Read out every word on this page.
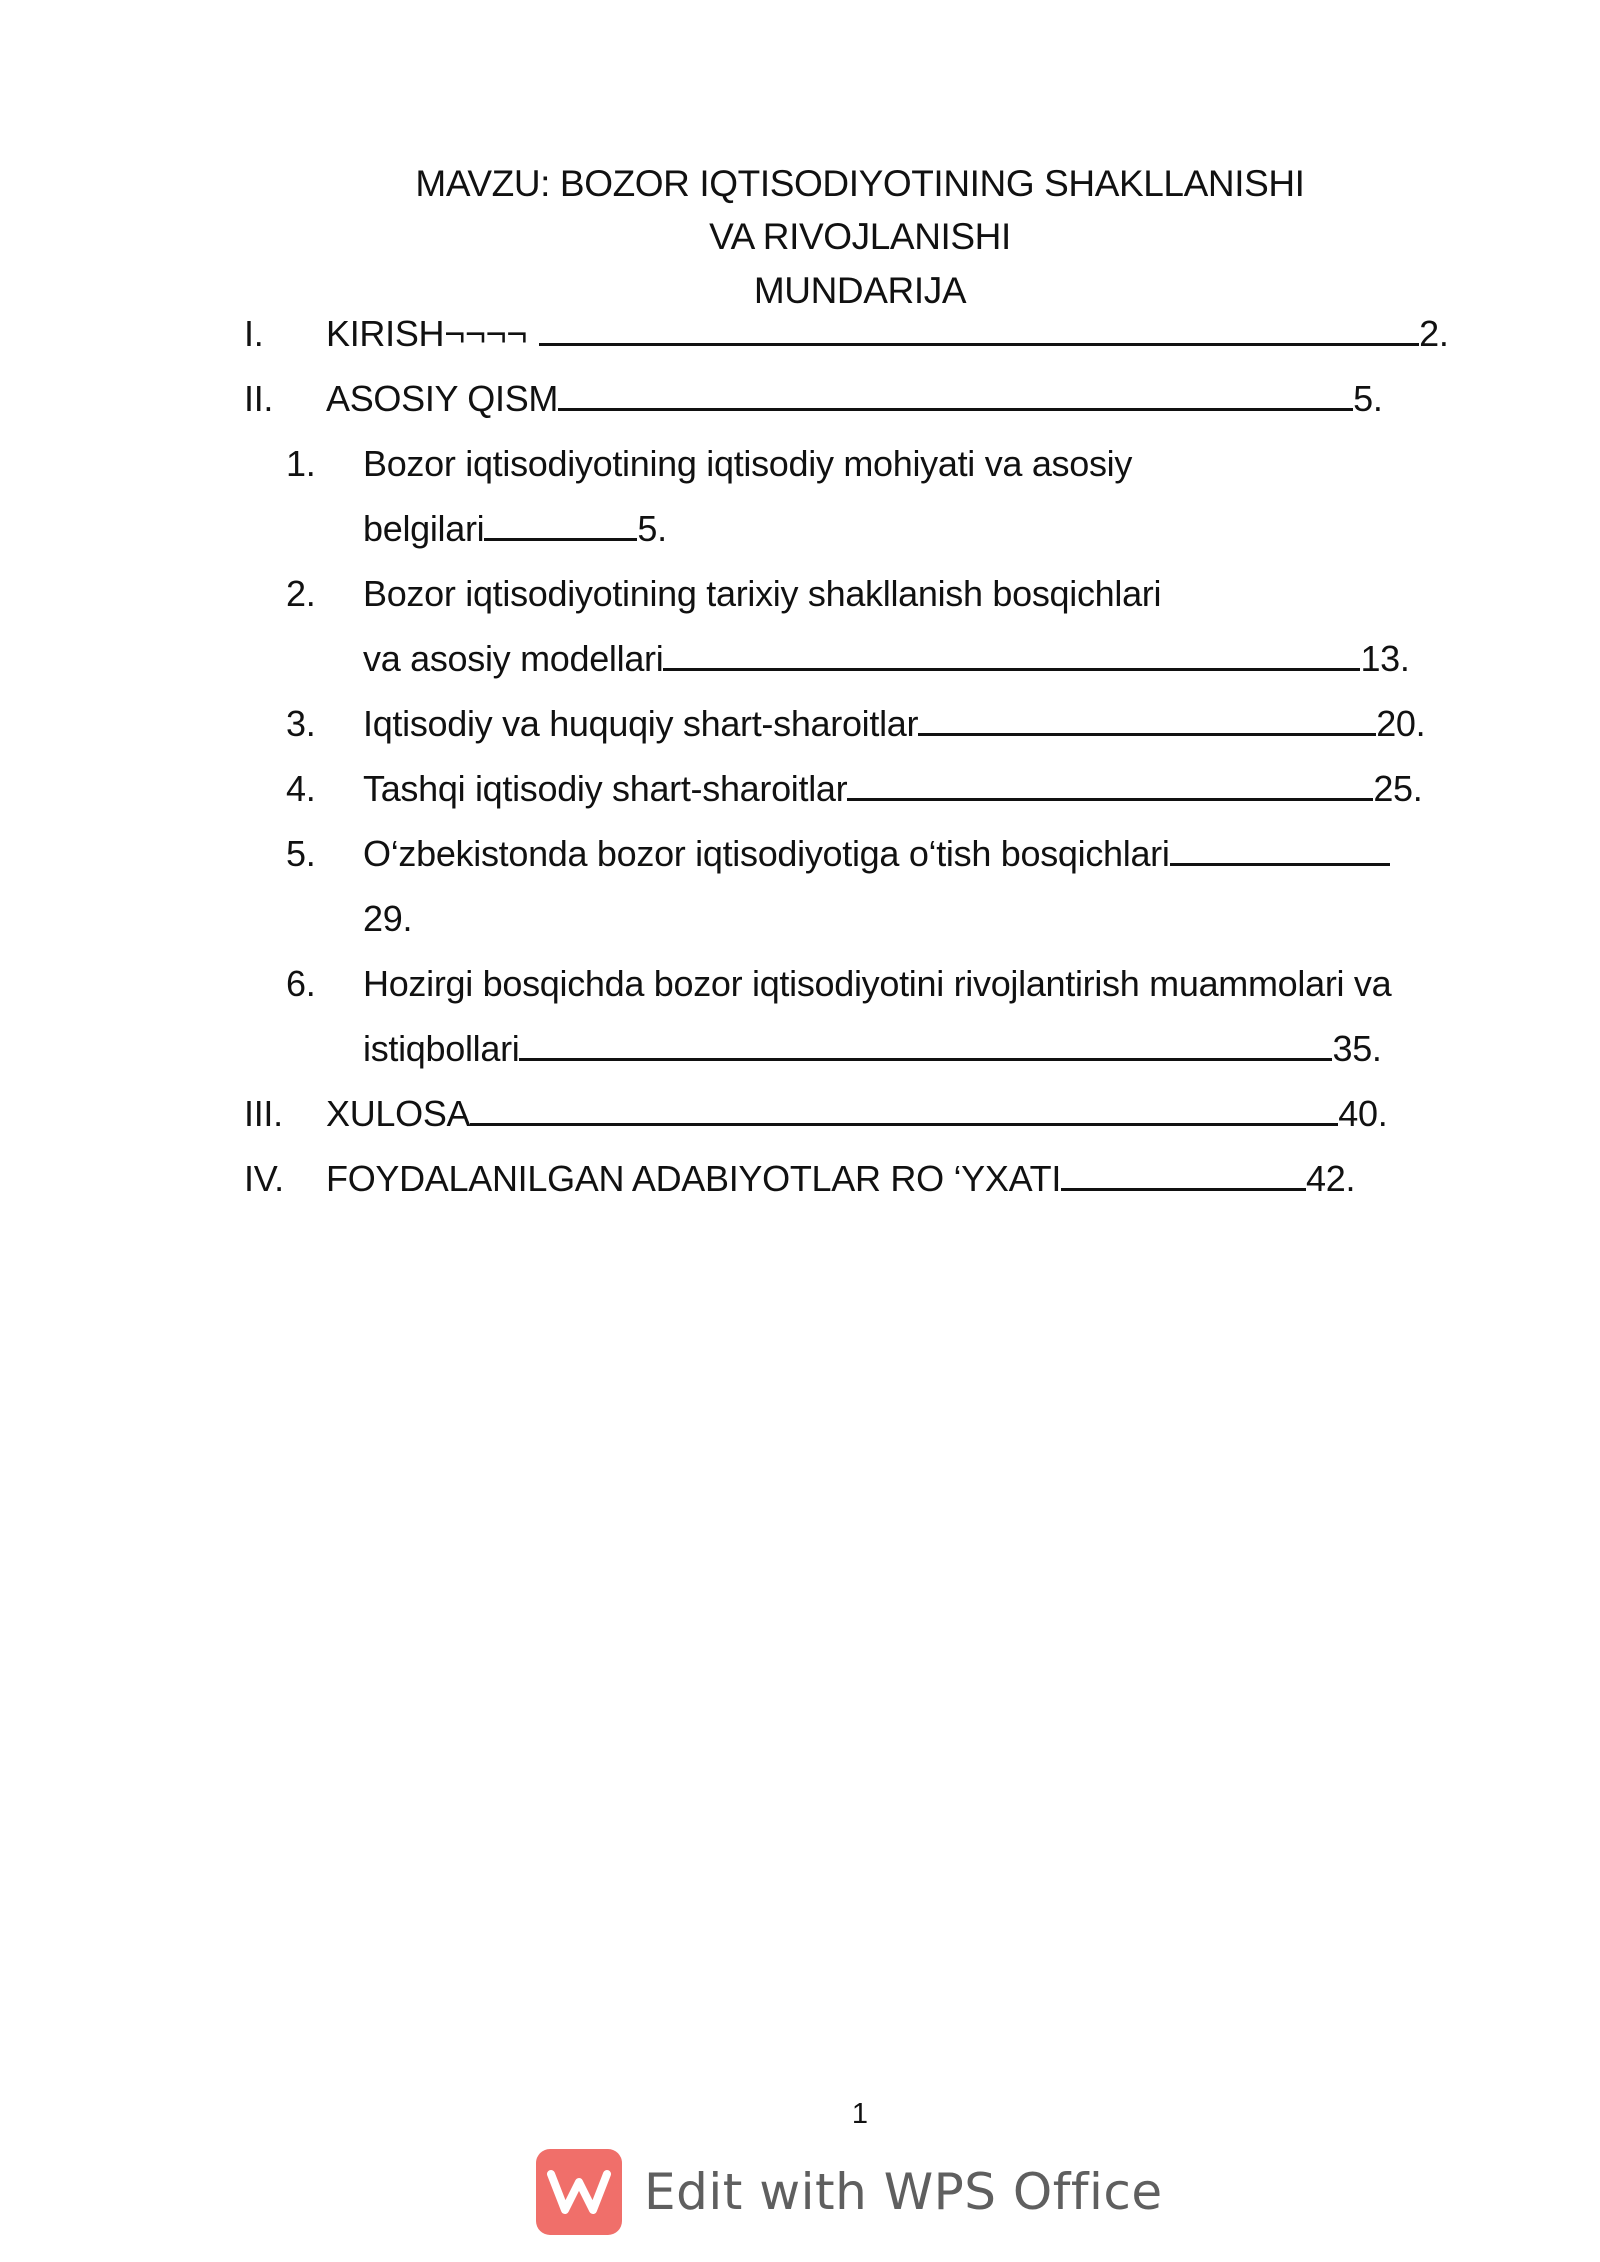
MAVZU: BOZOR IQTISODIYOTINING SHAKLLANISHI
VA RIVOJLANISHI
MUNDARIJA
I.	KIRISH¬¬¬¬	2.
II.	ASOSIY QISM	5.
1.	Bozor iqtisodiyotining iqtisodiy mohiyati va asosiy
belgilari	5.
2.	Bozor iqtisodiyotining tarixiy shakllanish bosqichlari
va asosiy modellari	13.
3.	Iqtisodiy va huquqiy shart-sharoitlar	20.
4.	Tashqi iqtisodiy shart-sharoitlar	25.
5.	O‘zbekistonda bozor iqtisodiyotiga o‘tish bosqichlari
29.
6.	Hozirgi bosqichda bozor iqtisodiyotini rivojlantirish muammolari va
istiqbollari	35.
III.	XULOSA	40.
IV.	FOYDALANILGAN ADABIYOTLAR RO ‘YXATI	42.
1
Edit with WPS Office
